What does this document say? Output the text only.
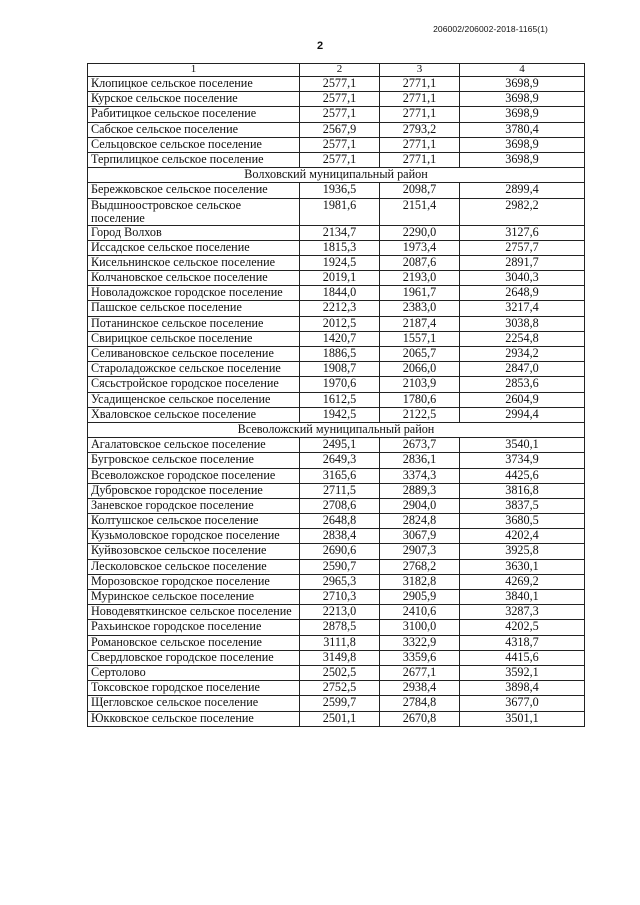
206002/206002-2018-1165(1)
2
1	2	3	4
Клопицкое сельское поселение	2577,1	2771,1	3698,9
Курское сельское поселение	2577,1	2771,1	3698,9
Рабитицкое сельское поселение	2577,1	2771,1	3698,9
Сабское сельское поселение	2567,9	2793,2	3780,4
Сельцовское сельское поселение	2577,1	2771,1	3698,9
Терпилицкое сельское поселение	2577,1	2771,1	3698,9
Волховский муниципальный район			
Бережковское сельское поселение	1936,5	2098,7	2899,4
Выдшноостровское сельское поселение	1981,6	2151,4	2982,2
Город Волхов	2134,7	2290,0	3127,6
Иссадское сельское поселение	1815,3	1973,4	2757,7
Кисельнинское сельское поселение	1924,5	2087,6	2891,7
Колчановское сельское поселение	2019,1	2193,0	3040,3
Новоладожское городское поселение	1844,0	1961,7	2648,9
Пашское сельское поселение	2212,3	2383,0	3217,4
Потанинское сельское поселение	2012,5	2187,4	3038,8
Свирицкое сельское поселение	1420,7	1557,1	2254,8
Селивановское сельское поселение	1886,5	2065,7	2934,2
Староладожское сельское поселение	1908,7	2066,0	2847,0
Сясьстройское городское поселение	1970,6	2103,9	2853,6
Усадищенское сельское поселение	1612,5	1780,6	2604,9
Хваловское сельское поселение	1942,5	2122,5	2994,4
Всеволожский муниципальный район			
Агалатовское сельское поселение	2495,1	2673,7	3540,1
Бугровское сельское поселение	2649,3	2836,1	3734,9
Всеволожское городское поселение	3165,6	3374,3	4425,6
Дубровское городское поселение	2711,5	2889,3	3816,8
Заневское городское поселение	2708,6	2904,0	3837,5
Колтушское сельское поселение	2648,8	2824,8	3680,5
Кузьмоловское городское поселение	2838,4	3067,9	4202,4
Куйвозовское сельское поселение	2690,6	2907,3	3925,8
Лесколовское сельское поселение	2590,7	2768,2	3630,1
Морозовское городское поселение	2965,3	3182,8	4269,2
Муринское сельское поселение	2710,3	2905,9	3840,1
Новодевяткинское сельское поселение	2213,0	2410,6	3287,3
Рахьинское городское поселение	2878,5	3100,0	4202,5
Романовское сельское поселение	3111,8	3322,9	4318,7
Свердловское городское поселение	3149,8	3359,6	4415,6
Сертолово	2502,5	2677,1	3592,1
Токсовское городское поселение	2752,5	2938,4	3898,4
Щегловское сельское поселение	2599,7	2784,8	3677,0
Юкковское сельское поселение	2501,1	2670,8	3501,1
